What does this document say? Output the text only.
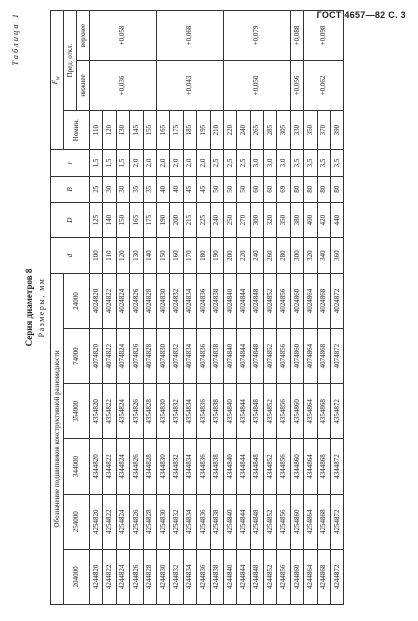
ГОСТ 4657—82 С. 3
Таблица 1
Серия диаметров 8 Размеры, мм
Обозначение подшипников конструктивной разновидности						d	D	B	r	$F_w$
204000	254000	344000	354000	74000	24000					Номин.	Пред. откл.	
											нижнее	верхнее
4244820	4254820	4344820	4354820	4074820	4024820	100	125	25	1,5	110	+0,036	+0,058
4244822	4254822	4344822	4354822	4074822	4024822	110	140	30	1,5	120		
4244824	4254824	4344824	4354824	4074824	4024824	120	150	30	1,5	130		
4244826	4254826	4344826	4354826	4074826	4024826	130	165	35	2,0	145		
4244828	4254828	4344828	4354828	4074828	4024828	140	175	35	2,0	155		
4244830	4254830	4344830	4354830	4074830	4024830	150	190	40	2,0	165	+0,043	+0,068
4244832	4254832	4344832	4354832	4074832	4024832	160	200	40	2,0	175		
4244834	4254834	4344834	4354834	4074834	4024834	170	215	45	2,0	185		
4244836	4254836	4344836	4354836	4074836	4024836	180	225	45	2,0	195		
4244838	4254838	4344838	4354838	4074838	4024838	190	240	50	2,5	210		
4244840	4254840	4344840	4354840	4074840	4024840	200	250	50	2,5	220	+0,050	+0,079
4244844	4254844	4344844	4354844	4074844	4024844	220	270	50	2,5	240		
4244848	4254848	4344848	4354848	4074848	4024848	240	300	60	3,0	265		
4244852	4254852	4344852	4354852	4074852	4024852	260	320	60	3,0	285		
4244856	4254856	4344856	4354856	4074856	4024856	280	350	69	3,0	305		
4244860	4254860	4344860	4354860	4074860	4024860	300	380	80	3,5	330	+0,056	+0,088
4244864	4254864	4344864	4354864	4074864	4024864	320	400	80	3,5	350	+0,062	+0,098
4244868	4254868	4344868	4354868	4074868	4024868	340	420	80	3,5	370		
4244872	4254872	4344872	4354872	4074872	4024872	360	440	80	3,5	390		
